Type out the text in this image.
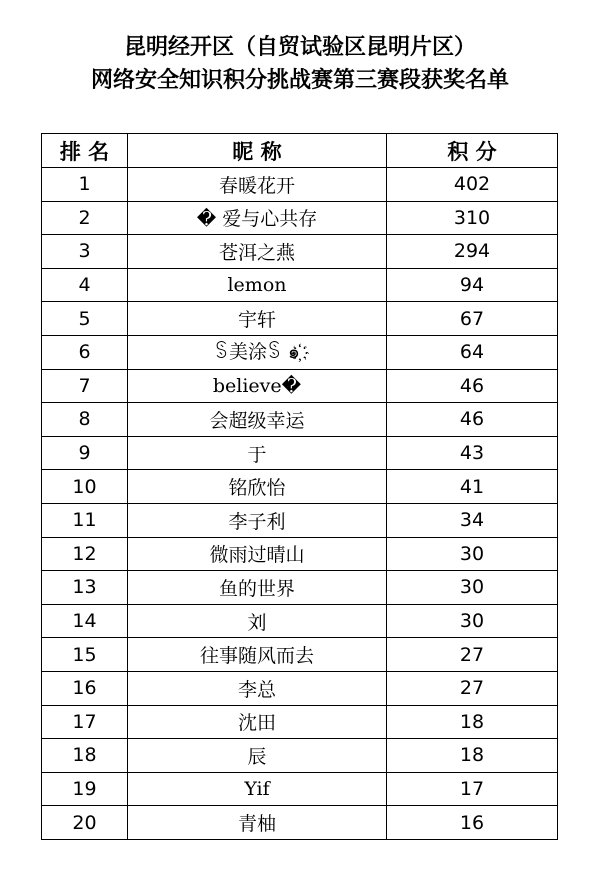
昆明经开区（自贸试验区昆明片区）
网络安全知识积分挑战赛第三赛段获奖名单
排 名	昵 称	积 分
1	春暖花开	402
2	� 爱与心共存	310
3	苍洱之燕	294
4	lemon	94
5	宇轩	67
6	ꌗ美涂ꌗ ๑҉	64
7	believe�	46
8	会超级幸运	46
9	于	43
10	铭欣怡	41
11	李子利	34
12	微雨过晴山	30
13	鱼的世界	30
14	刘	30
15	往事随风而去	27
16	李总	27
17	沈田	18
18	辰	18
19	Yif	17
20	青柚	16
